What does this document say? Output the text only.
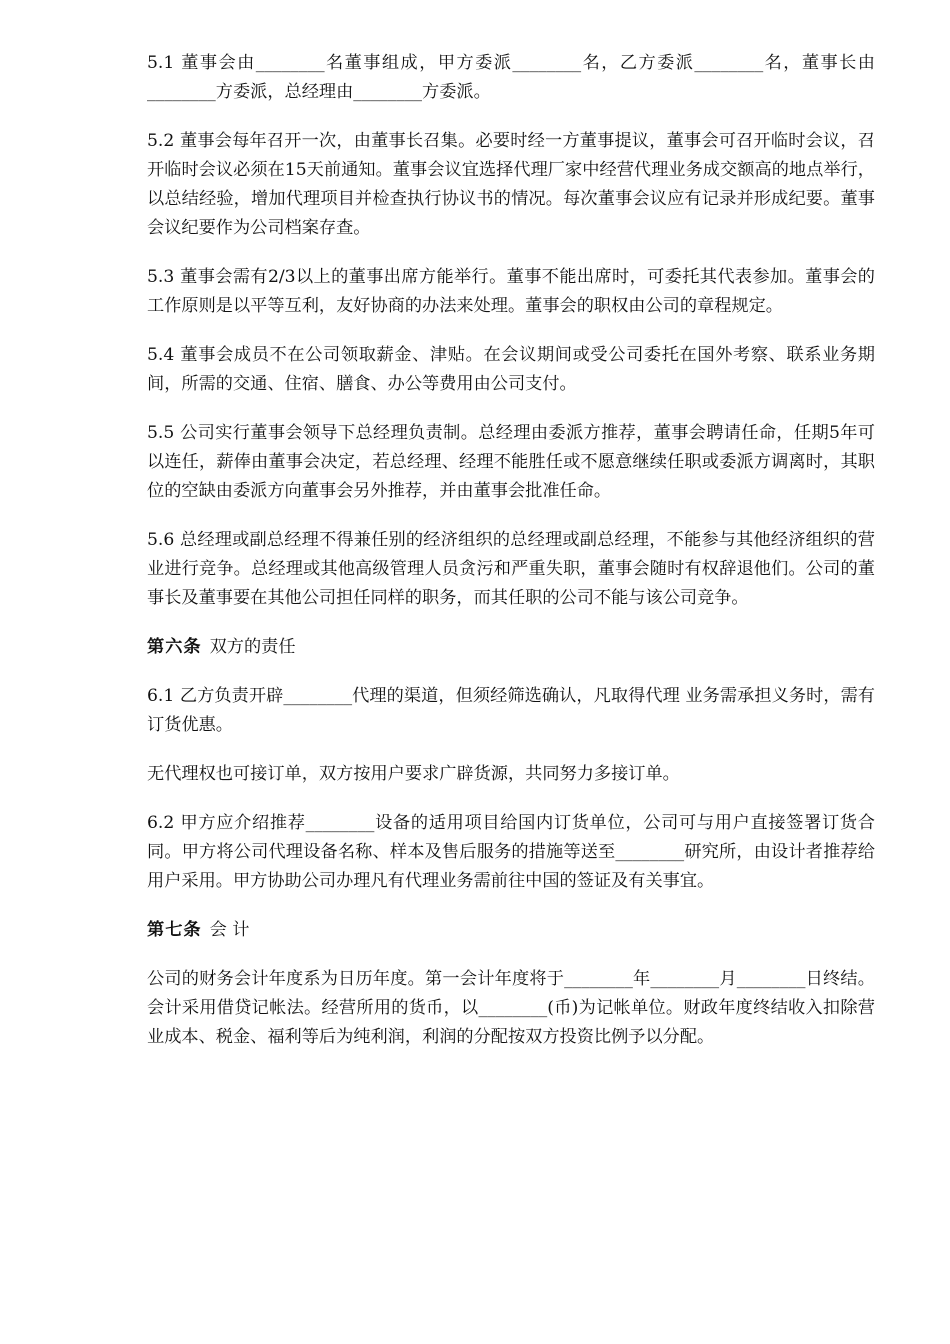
5.1 董事会由________名董事组成，甲方委派________名，乙方委派________名，董事长由________方委派，总经理由________方委派。

5.2 董事会每年召开一次，由董事长召集。必要时经一方董事提议，董事会可召开临时会议，召开临时会议必须在15天前通知。董事会议宜选择代理厂家中经营代理业务成交额高的地点举行，以总结经验，增加代理项目并检查执行协议书的情况。每次董事会议应有记录并形成纪要。董事会议纪要作为公司档案存查。

5.3 董事会需有2/3以上的董事出席方能举行。董事不能出席时，可委托其代表参加。董事会的工作原则是以平等互利，友好协商的办法来处理。董事会的职权由公司的章程规定。

5.4 董事会成员不在公司领取薪金、津贴。在会议期间或受公司委托在国外考察、联系业务期间，所需的交通、住宿、膳食、办公等费用由公司支付。

5.5 公司实行董事会领导下总经理负责制。总经理由委派方推荐，董事会聘请任命，任期5年可以连任，薪俸由董事会决定，若总经理、经理不能胜任或不愿意继续任职或委派方调离时，其职位的空缺由委派方向董事会另外推荐，并由董事会批准任命。

5.6 总经理或副总经理不得兼任别的经济组织的总经理或副总经理，不能参与其他经济组织的营业进行竞争。总经理或其他高级管理人员贪污和严重失职，董事会随时有权辞退他们。公司的董事长及董事要在其他公司担任同样的职务，而其任职的公司不能与该公司竞争。

第六条 双方的责任

6.1 乙方负责开辟________代理的渠道，但须经筛选确认，凡取得代理 业务需承担义务时，需有订货优惠。

无代理权也可接订单，双方按用户要求广辟货源，共同努力多接订单。

6.2 甲方应介绍推荐________设备的适用项目给国内订货单位，公司可与用户直接签署订货合同。甲方将公司代理设备名称、样本及售后服务的措施等送至________研究所，由设计者推荐给用户采用。甲方协助公司办理凡有代理业务需前往中国的签证及有关事宜。

第七条 会 计

公司的财务会计年度系为日历年度。第一会计年度将于________年________月________日终结。会计采用借贷记帐法。经营所用的货币，以________(币)为记帐单位。财政年度终结收入扣除营业成本、税金、福利等后为纯利润，利润的分配按双方投资比例予以分配。
